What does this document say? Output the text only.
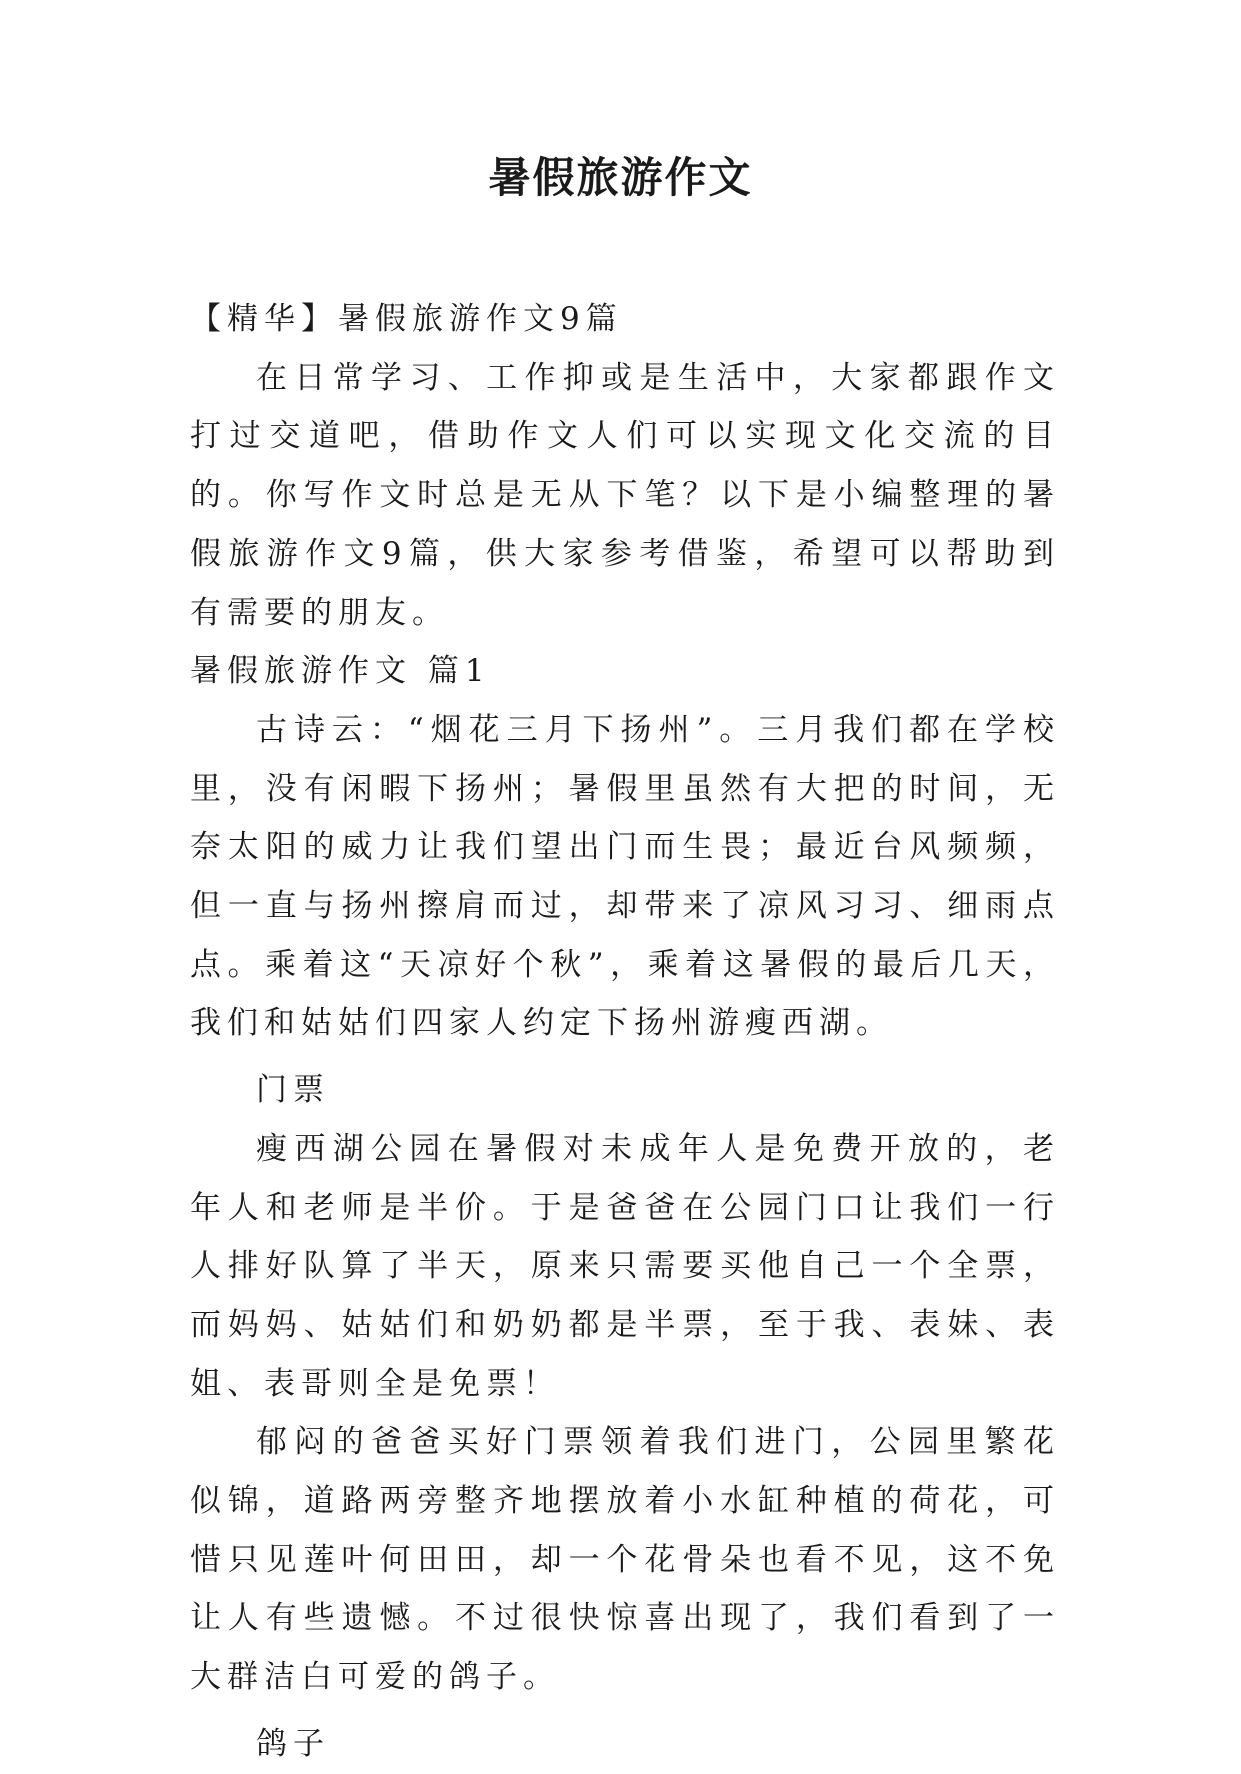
暑假旅游作文

【精华】暑假旅游作文9篇

在日常学习、工作抑或是生活中，大家都跟作文打过交道吧，借助作文人们可以实现文化交流的目的。你写作文时总是无从下笔？以下是小编整理的暑假旅游作文9篇，供大家参考借鉴，希望可以帮助到有需要的朋友。

暑假旅游作文 篇1

古诗云：“烟花三月下扬州”。三月我们都在学校里，没有闲暇下扬州；暑假里虽然有大把的时间，无奈太阳的威力让我们望出门而生畏；最近台风频频，但一直与扬州擦肩而过，却带来了凉风习习、细雨点点。乘着这“天凉好个秋”，乘着这暑假的最后几天，我们和姑姑们四家人约定下扬州游瘦西湖。

门票

瘦西湖公园在暑假对未成年人是免费开放的，老年人和老师是半价。于是爸爸在公园门口让我们一行人排好队算了半天，原来只需要买他自己一个全票，而妈妈、姑姑们和奶奶都是半票，至于我、表妹、表姐、表哥则全是免票！

郁闷的爸爸买好门票领着我们进门，公园里繁花似锦，道路两旁整齐地摆放着小水缸种植的荷花，可惜只见莲叶何田田，却一个花骨朵也看不见，这不免让人有些遗憾。不过很快惊喜出现了，我们看到了一大群洁白可爱的鸽子。

鸽子
